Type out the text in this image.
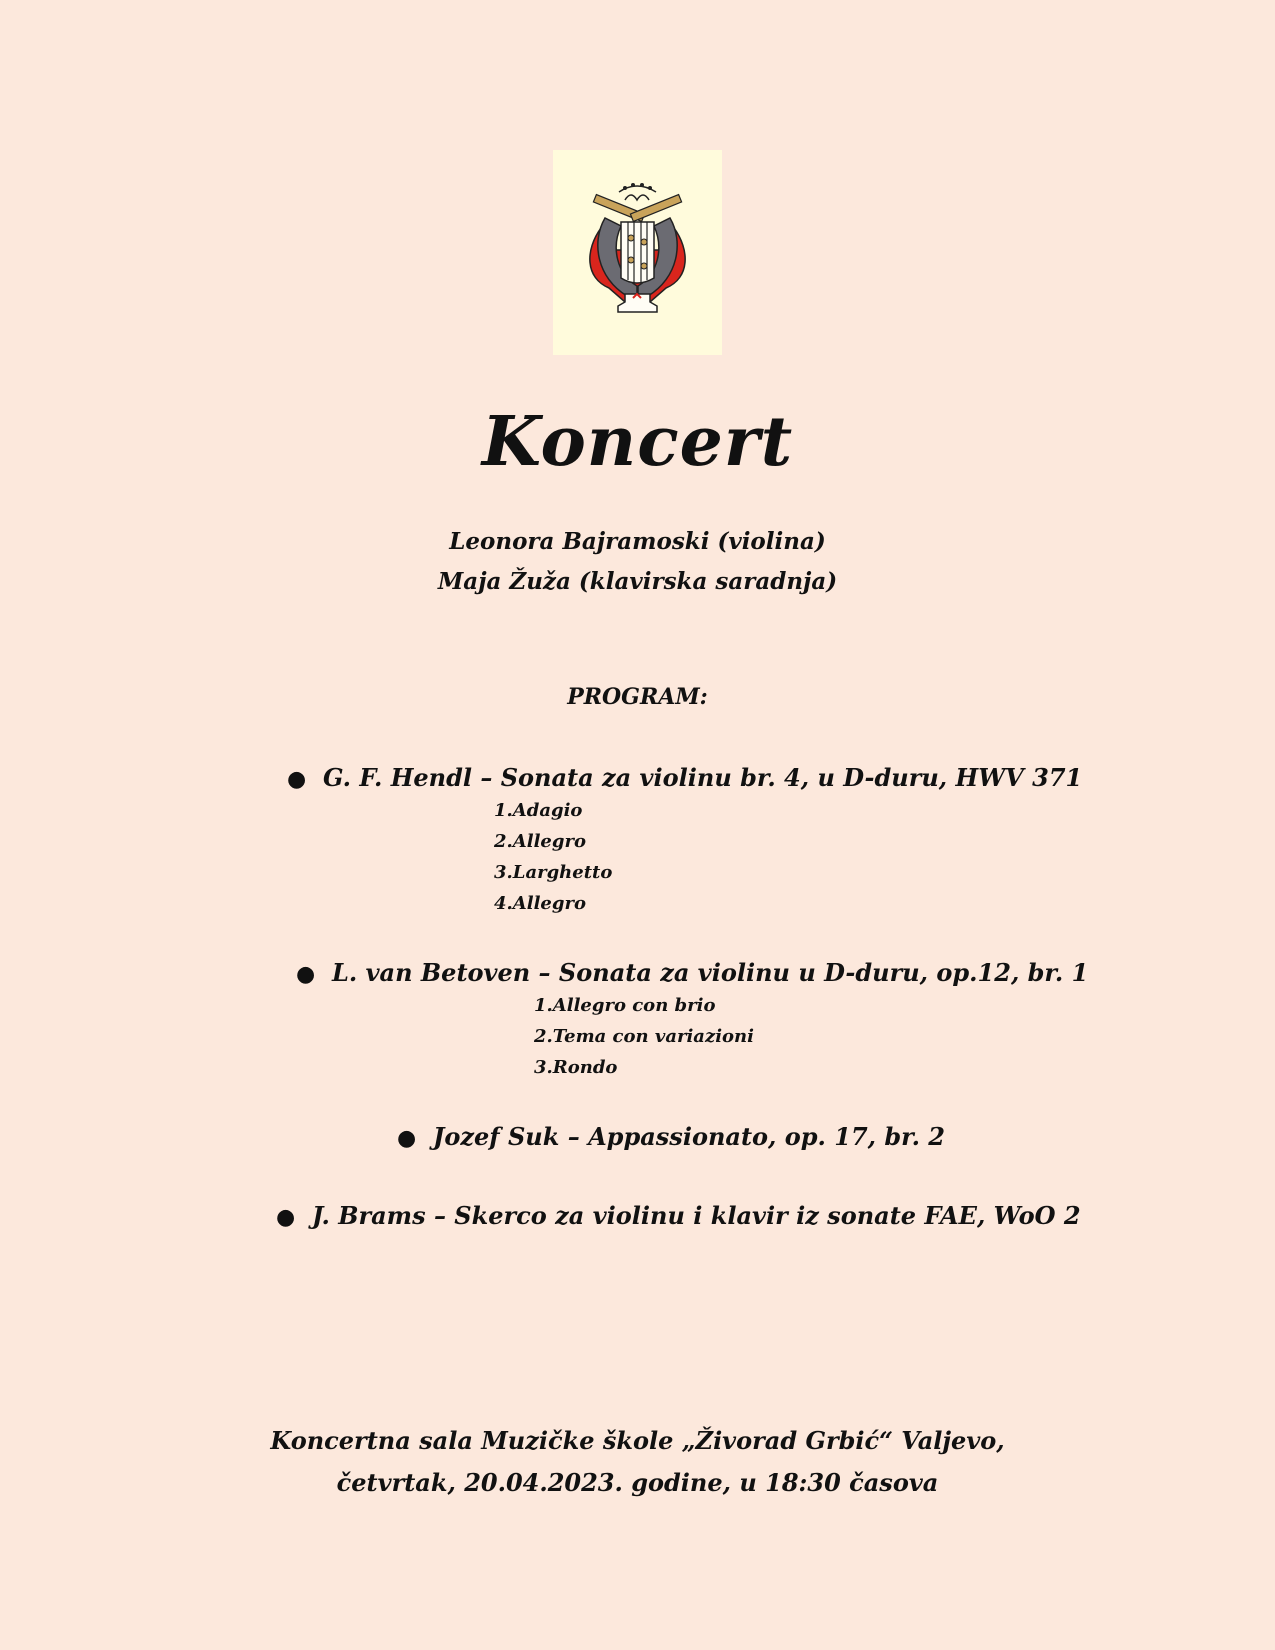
Koncert
Leonora Bajramoski (violina)
Maja Žuža (klavirska saradnja)
PROGRAM:
● G. F. Hendl – Sonata za violinu br. 4, u D-duru, HWV 371
1.Adagio
2.Allegro
3.Larghetto
4.Allegro
● L. van Betoven – Sonata za violinu u D-duru, op.12, br. 1
1.Allegro con brio
2.Tema con variazioni
3.Rondo
● Jozef Suk – Appassionato, op. 17, br. 2
● J. Brams – Skerco za violinu i klavir iz sonate FAE, WoO 2
Koncertna sala Muzičke škole „Živorad Grbić“ Valjevo,
četvrtak, 20.04.2023. godine, u 18:30 časova
